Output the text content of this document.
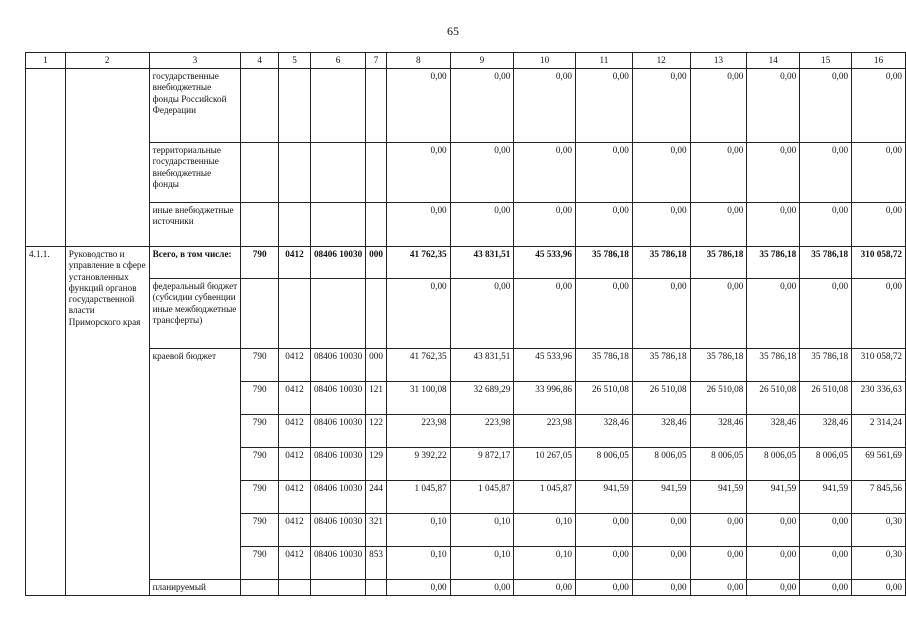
65
1	2	3	4	5	6	7	8	9	10	11	12	13	14	15	16
		государственные внебюджетные фонды Российской Федерации					0,00	0,00	0,00	0,00	0,00	0,00	0,00	0,00	0,00
		территориальные государственные внебюджетные фонды					0,00	0,00	0,00	0,00	0,00	0,00	0,00	0,00	0,00
		иные внебюджетные источники					0,00	0,00	0,00	0,00	0,00	0,00	0,00	0,00	0,00
4.1.1.	Руководство и управление в сфере установленных функций органов государственной власти Приморского края	Всего, в том числе:	790	0412	08406 10030	000	41 762,35	43 831,51	45 533,96	35 786,18	35 786,18	35 786,18	35 786,18	35 786,18	310 058,72
		федеральный бюджет (субсидии субвенции иные межбюджетные трансферты)					0,00	0,00	0,00	0,00	0,00	0,00	0,00	0,00	0,00
		краевой бюджет	790	0412	08406 10030	000	41 762,35	43 831,51	45 533,96	35 786,18	35 786,18	35 786,18	35 786,18	35 786,18	310 058,72
			790	0412	08406 10030	121	31 100,08	32 689,29	33 996,86	26 510,08	26 510,08	26 510,08	26 510,08	26 510,08	230 336,63
			790	0412	08406 10030	122	223,98	223,98	223,98	328,46	328,46	328,46	328,46	328,46	2 314,24
			790	0412	08406 10030	129	9 392,22	9 872,17	10 267,05	8 006,05	8 006,05	8 006,05	8 006,05	8 006,05	69 561,69
			790	0412	08406 10030	244	1 045,87	1 045,87	1 045,87	941,59	941,59	941,59	941,59	941,59	7 845,56
			790	0412	08406 10030	321	0,10	0,10	0,10	0,00	0,00	0,00	0,00	0,00	0,30
			790	0412	08406 10030	853	0,10	0,10	0,10	0,00	0,00	0,00	0,00	0,00	0,30
		планируемый					0,00	0,00	0,00	0,00	0,00	0,00	0,00	0,00	0,00
